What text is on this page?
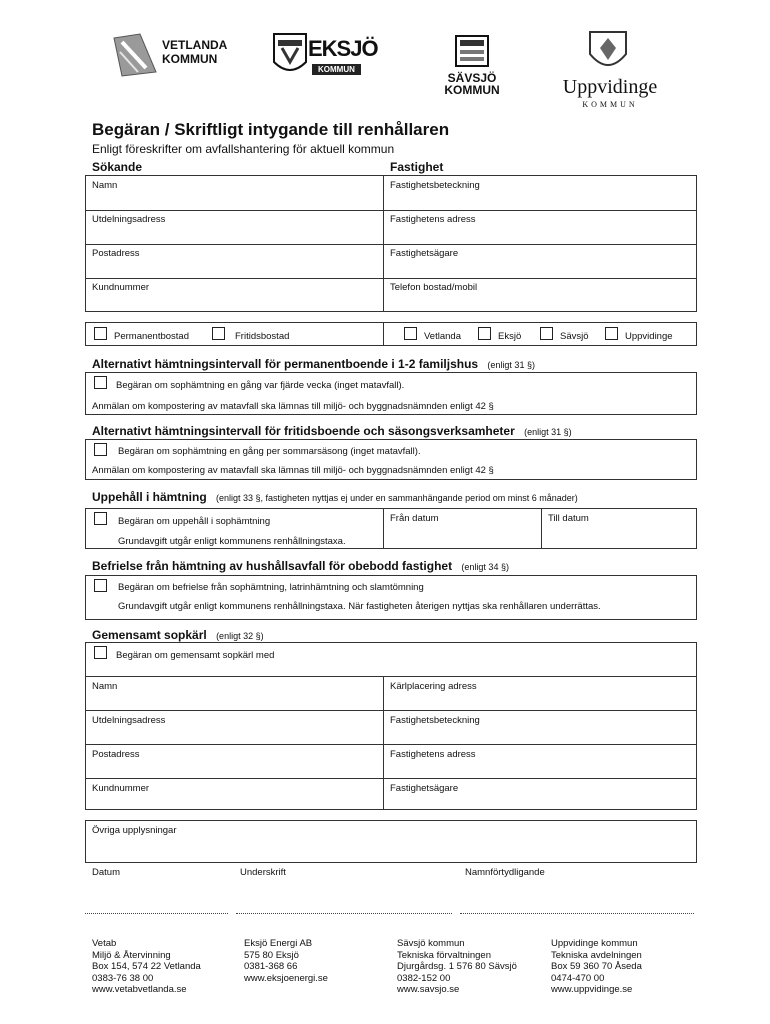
VETLANDA
KOMMUN	EKSJÖ
KOMMUN
SÄVSJÖ
KOMMUN	Uppvidinge
KOMMUN
Begäran / Skriftligt intygande till renhållaren
Enligt föreskrifter om avfallshantering för aktuell kommun
Sökande	Fastighet
Namn	Fastighetsbeteckning
Utdelningsadress	Fastighetens adress
Postadress	Fastighetsägare
Kundnummer	Telefon bostad/mobil
Permanentbostad	Fritidsbostad	Vetlanda	Eksjö	Sävsjö	Uppvidinge
Alternativt hämtningsintervall för permanentboende i 1-2 familjshus (enligt 31 §)
Begäran om sophämtning en gång var fjärde vecka (inget matavfall).
Anmälan om kompostering av matavfall ska lämnas till miljö- och byggnadsnämnden enligt 42 §
Alternativt hämtningsintervall för fritidsboende och säsongsverksamheter (enligt 31 §)
Begäran om sophämtning en gång per sommarsäsong (inget matavfall).
Anmälan om kompostering av matavfall ska lämnas till miljö- och byggnadsnämnden enligt 42 §
Uppehåll i hämtning (enligt 33 §, fastigheten nyttjas ej under en sammanhängande period om minst 6 månader)
Begäran om uppehåll i sophämtning
Grundavgift utgår enligt kommunens renhållningstaxa.
Från datum	Till datum
Befrielse från hämtning av hushållsavfall för obebodd fastighet (enligt 34 §)
Begäran om befrielse från sophämtning, latrinhämtning och slamtömning
Grundavgift utgår enligt kommunens renhållningstaxa. När fastigheten återigen nyttjas ska renhållaren underrättas.
Gemensamt sopkärl (enligt 32 §)
Begäran om gemensamt sopkärl med
Namn	Kärlplacering adress
Utdelningsadress	Fastighetsbeteckning
Postadress	Fastighetens adress
Kundnummer	Fastighetsägare
Övriga upplysningar
Datum	Underskrift	Namnförtydligande
Vetab
Miljö & Återvinning
Box 154, 574 22 Vetlanda
0383-76 38 00
www.vetabvetlanda.se
Eksjö Energi AB
575 80 Eksjö
0381-368 66
www.eksjoenergi.se
Sävsjö kommun
Tekniska förvaltningen
Djurgårdsg. 1 576 80 Sävsjö
0382-152 00
www.savsjo.se
Uppvidinge kommun
Tekniska avdelningen
Box 59 360 70 Åseda
0474-470 00
www.uppvidinge.se
